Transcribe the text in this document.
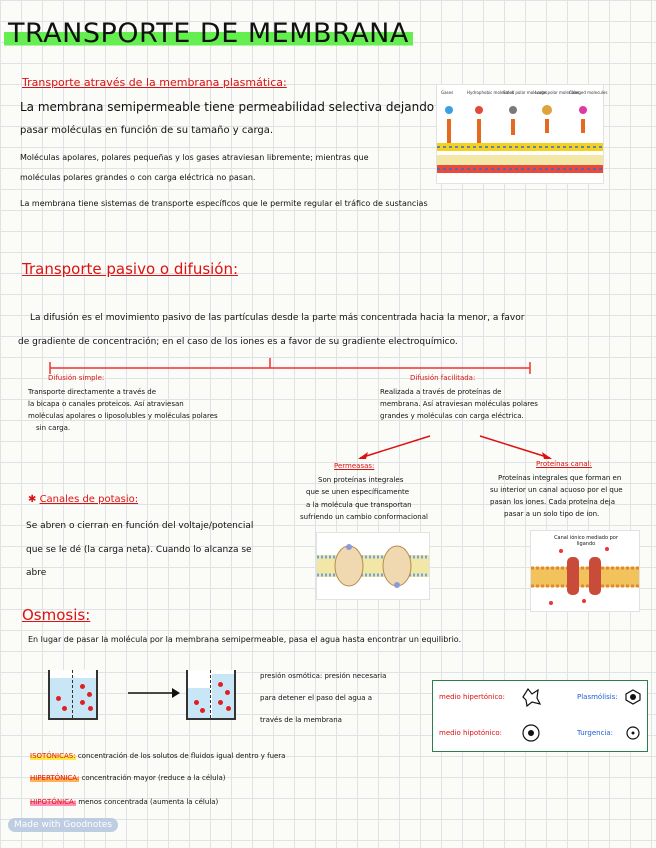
TRANSPORTE DE MEMBRANA
Transporte através de la membrana plasmática:
La membrana semipermeable tiene permeabilidad selectiva dejando
pasar moléculas en función de su tamaño y carga.
Moléculas apolares, polares pequeñas y los gases atraviesan libremente; mientras que
moléculas polares grandes o con carga eléctrica no pasan.
La membrana tiene sistemas de transporte específicos que le permite regular el tráfico de sustancias
Gases	Hydrophobic molecules
Small polar molecules
Large polar molecules
Charged molecules
Transporte pasivo o difusión:
La difusión es el movimiento pasivo de las partículas desde la parte más concentrada hacia la menor, a favor
de gradiente de concentración; en el caso de los iones es a favor de su gradiente electroquímico.
Difusión simple:
Transporte directamente a través de
la bicapa o canales proteicos. Así atraviesan
moléculas apolares o liposolubles y moléculas polares
sin carga.
Difusión facilitada:
Realizada a través de proteínas de
membrana. Así atraviesan moléculas polares
grandes y moléculas con carga eléctrica.
Permeasas:
Son proteínas integrales
que se unen específicamente
a la molécula que transportan
sufriendo un cambio conformacional
Proteínas canal:
Proteínas integrales que forman en
su interior un canal acuoso por el que
pasan los iones. Cada proteína deja
pasar a un solo tipo de ion.
✱ Canales de potasio:
Se abren o cierran en función del voltaje/potencial
que se le dé (la carga neta). Cuando lo alcanza se
abre
Canal iónico mediado por ligando
Osmosis:
En lugar de pasar la molécula por la membrana semipermeable, pasa el agua hasta encontrar un equilibrio.
presión osmótica: presión necesaria
para detener el paso del agua a
través de la membrana
medio hipertónico:
medio hipotónico:
Plasmólisis:
Turgencia:
ISOTÓNICAS: concentración de los solutos de fluidos igual dentro y fuera
HIPERTÓNICA: concentración mayor (reduce a la célula)
HIPOTÓNICA: menos concentrada (aumenta la célula)
Made with Goodnotes
